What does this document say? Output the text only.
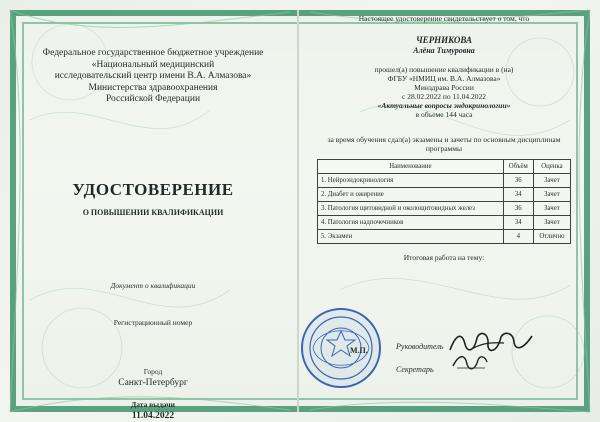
Федеральное государственное бюджетное учреждение
«Национальный медицинский
исследовательский центр имени В.А. Алмазова»
Министерства здравоохранения
Российской Федерации
УДОСТОВЕРЕНИЕ
О ПОВЫШЕНИИ КВАЛИФИКАЦИИ
Документ о квалификации
Регистрационный номер
Город
Санкт-Петербург
Дата выдачи
11.04.2022
Настоящее удостоверение свидетельствует о том, что
ЧЕРНИКОВА
Алёна Тимуровна
прошел(а) повышение квалификации в (на)
ФГБУ «НМИЦ им. В.А. Алмазова»
Минздрава России
с 28.02.2022 по 11.04.2022
«Актуальные вопросы эндокринологии»
в объеме 144 часа
за время обучения сдал(а) экзамены и зачеты по основным дисциплинам
программы
Наименование	Объём	Оценка
1. Нейроэндокринология	36	Зачет
2. Диабет и ожирение	34	Зачет
3. Патология щитовидной и околощитовидных желез	36	Зачет
4. Патология надпочечников	34	Зачет
5. Экзамен	4	Отлично
Итоговая работа на тему:
М.П.	Руководитель
Секретарь
